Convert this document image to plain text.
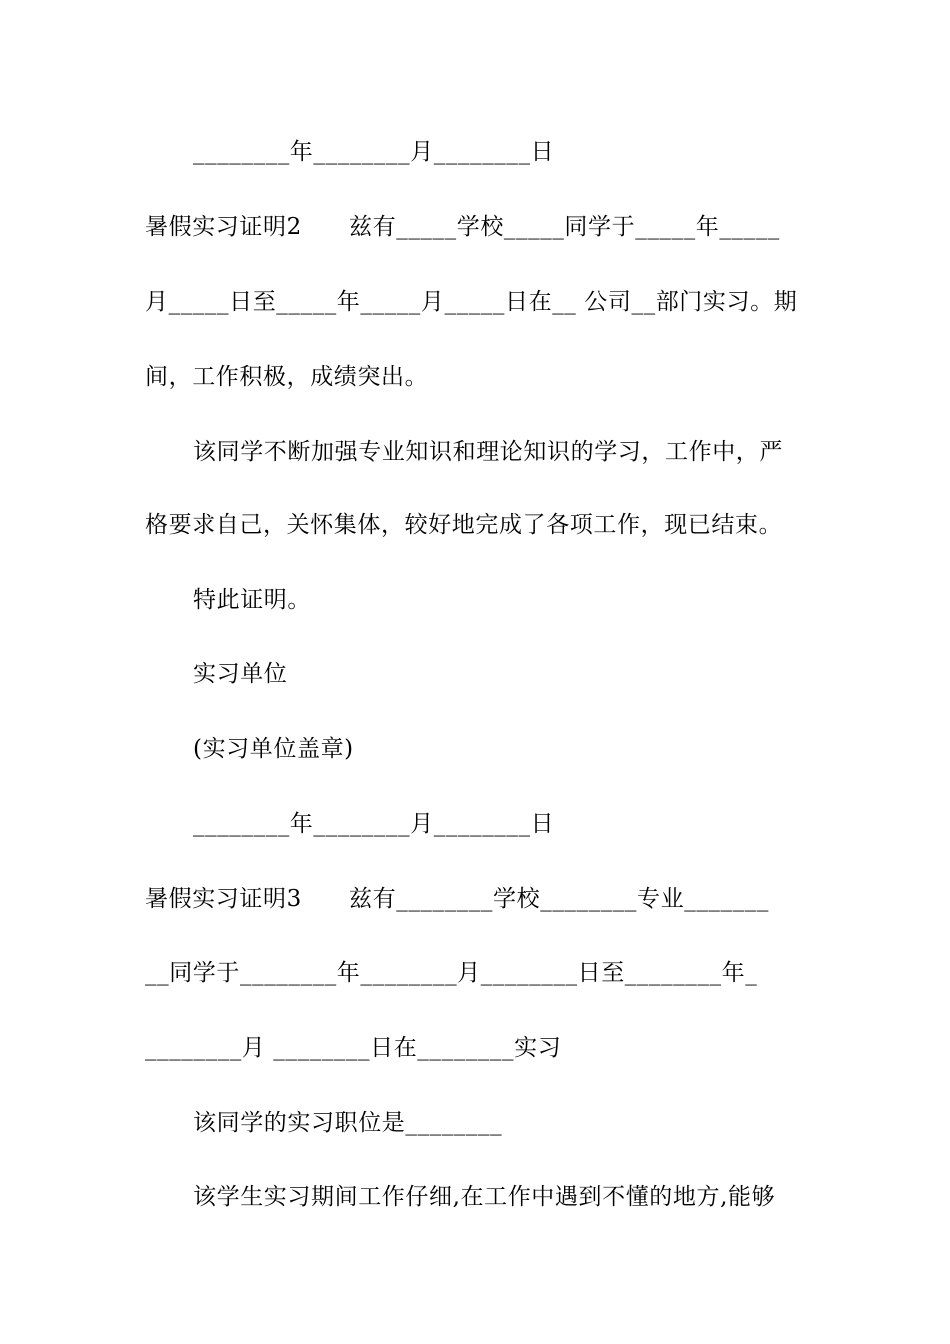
________年________月________日
暑假实习证明2　　兹有_____学校_____同学于_____年_____
月_____日至_____年_____月_____日在__ 公司__部门实习。期
间，工作积极，成绩突出。
该同学不断加强专业知识和理论知识的学习，工作中，严
格要求自己，关怀集体，较好地完成了各项工作，现已结束。
特此证明。
实习单位
(实习单位盖章)
________年________月________日
暑假实习证明3　　兹有________学校________专业_______
__同学于________年________月________日至________年_
________月 ________日在________实习
该同学的实习职位是________
该学生实习期间工作仔细,在工作中遇到不懂的地方,能够
